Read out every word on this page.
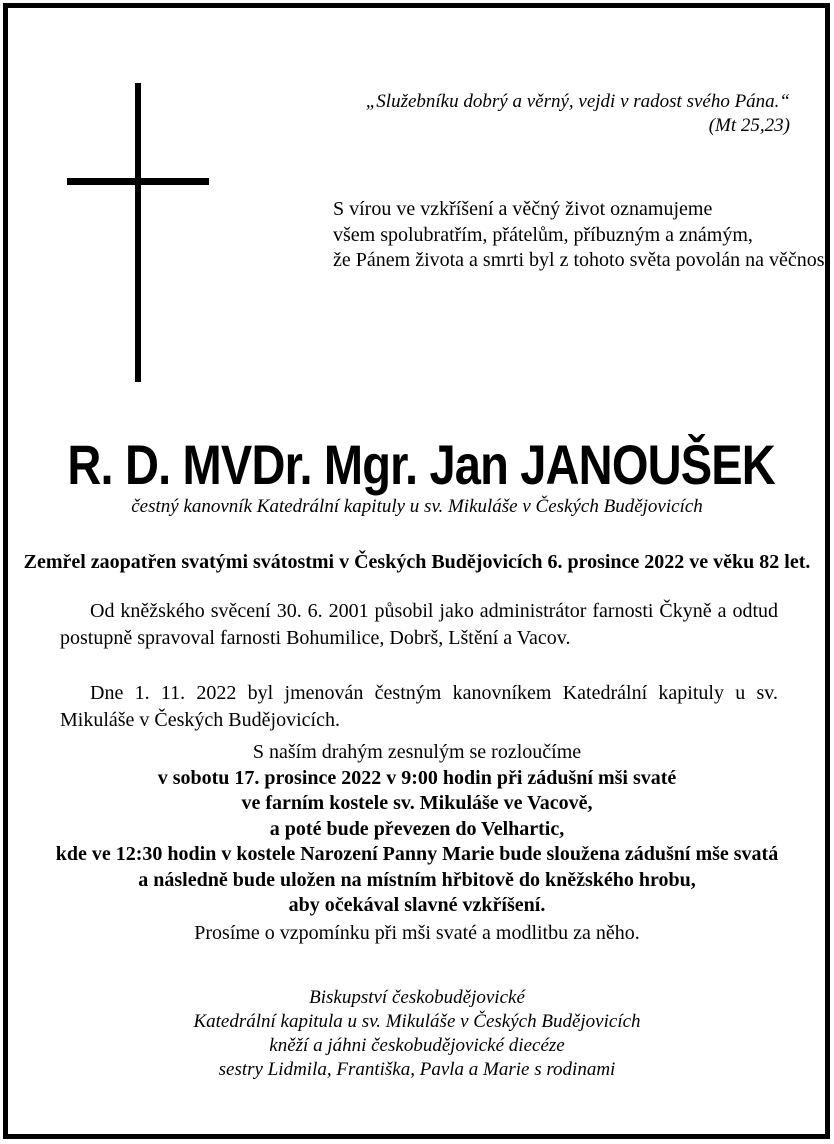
„Služebníku dobrý a věrný, vejdi v radost svého Pána.“
(Mt 25,23)
S vírou ve vzkříšení a věčný život oznamujeme
všem spolubratřím, přátelům, příbuzným a známým,
že Pánem života a smrti byl z tohoto světa povolán na věčnost
R. D. MVDr. Mgr. Jan JANOUŠEK
čestný kanovník Katedrální kapituly u sv. Mikuláše v Českých Budějovicích
Zemřel zaopatřen svatými svátostmi v Českých Budějovicích 6. prosince 2022 ve věku 82 let.

Od kněžského svěcení 30. 6. 2001 působil jako administrátor farnosti Čkyně a odtud postupně spravoval farnosti Bohumilice, Dobrš, Lštění a Vacov.

Dne 1. 11. 2022 byl jmenován čestným kanovníkem Katedrální kapituly u sv. Mikuláše v Českých Budějovicích.

S naším drahým zesnulým se rozloučíme
v sobotu 17. prosince 2022 v 9:00 hodin při zádušní mši svaté
ve farním kostele sv. Mikuláše ve Vacově,
a poté bude převezen do Velhartic,
kde ve 12:30 hodin v kostele Narození Panny Marie bude sloužena zádušní mše svatá
a následně bude uložen na místním hřbitově do kněžského hrobu,
aby očekával slavné vzkříšení.
Prosíme o vzpomínku při mši svaté a modlitbu za něho.
Biskupství českobudějovické
Katedrální kapitula u sv. Mikuláše v Českých Budějovicích
kněží a jáhni českobudějovické diecéze
sestry Lidmila, Františka, Pavla a Marie s rodinami
